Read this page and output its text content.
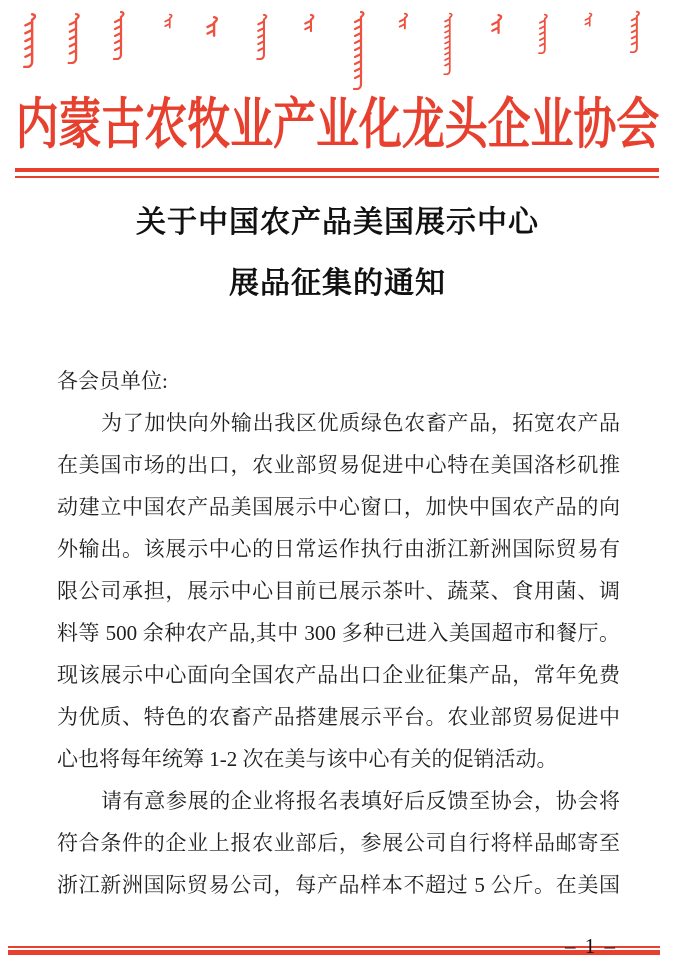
内蒙古农牧业产业化龙头企业协会
关于中国农产品美国展示中心
展品征集的通知
各会员单位:
为了加快向外输出我区优质绿色农畜产品，拓宽农产品
在美国市场的出口，农业部贸易促进中心特在美国洛杉矶推
动建立中国农产品美国展示中心窗口，加快中国农产品的向
外输出。该展示中心的日常运作执行由浙江新洲国际贸易有
限公司承担，展示中心目前已展示茶叶、蔬菜、食用菌、调
料等 500 余种农产品,其中 300 多种已进入美国超市和餐厅。
现该展示中心面向全国农产品出口企业征集产品，常年免费
为优质、特色的农畜产品搭建展示平台。农业部贸易促进中
心也将每年统筹 1-2 次在美与该中心有关的促销活动。
请有意参展的企业将报名表填好后反馈至协会，协会将
符合条件的企业上报农业部后，参展公司自行将样品邮寄至
浙江新洲国际贸易公司，每产品样本不超过 5 公斤。在美国
– 1 –
